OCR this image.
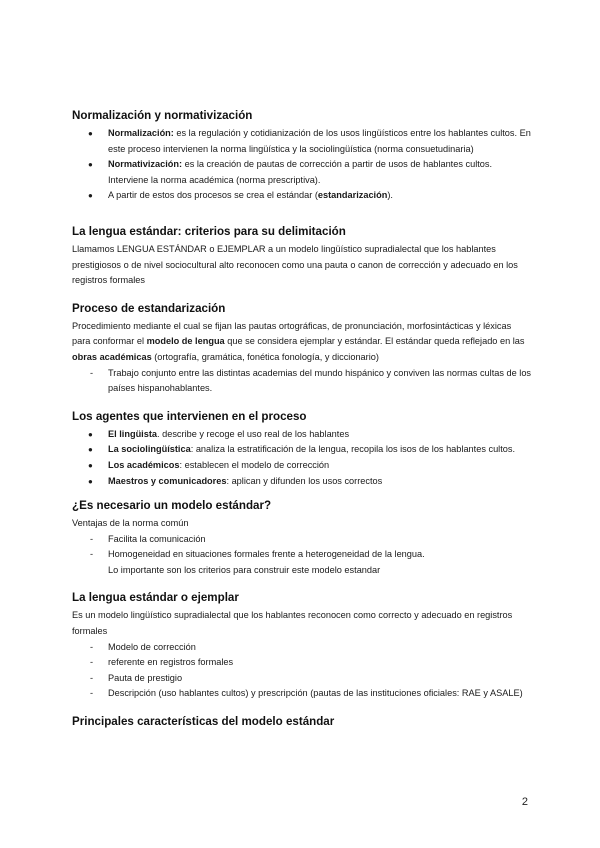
Normalización y normativización
● Normalización: es la regulación y cotidianización de los usos lingüísticos entre los hablantes cultos. En este proceso intervienen la norma lingüística y la sociolingüística (norma consuetudinaria)
● Normativización: es la creación de pautas de corrección a partir de usos de hablantes cultos. Interviene la norma académica (norma prescriptiva).
● A partir de estos dos procesos se crea el estándar (estandarización).
La lengua estándar: criterios para su delimitación

Llamamos LENGUA ESTÁNDAR o EJEMPLAR a un modelo lingüístico supradialectal que los hablantes prestigiosos o de nivel sociocultural alto reconocen como una pauta o canon de corrección y adecuado en los registros formales

Proceso de estandarización

Procedimiento mediante el cual se fijan las pautas ortográficas, de pronunciación, morfosintácticas y léxicas para conformar el modelo de lengua que se considera ejemplar y estándar. El estándar queda reflejado en las obras académicas (ortografía, gramática, fonética fonología, y diccionario)

- Trabajo conjunto entre las distintas academias del mundo hispánico y conviven las normas cultas de los países hispanohablantes.
Los agentes que intervienen en el proceso
● El lingüista. describe y recoge el uso real de los hablantes
● La sociolingüística: analiza la estratificación de la lengua, recopila los isos de los hablantes cultos.
● Los académicos: establecen el modelo de corrección
● Maestros y comunicadores: aplican y difunden los usos correctos
¿Es necesario un modelo estándar?

Ventajas de la norma común

- Facilita la comunicación
- Homogeneidad en situaciones formales frente a heterogeneidad de la lengua.

Lo importante son los criterios para construir este modelo estandar

La lengua estándar o ejemplar

Es un modelo lingüístico supradialectal que los hablantes reconocen como correcto y adecuado en registros formales

- Modelo de corrección
- referente en registros formales
- Pauta de prestigio
- Descripción (uso hablantes cultos) y prescripción (pautas de las instituciones oficiales: RAE y ASALE)
Principales características del modelo estándar
2
